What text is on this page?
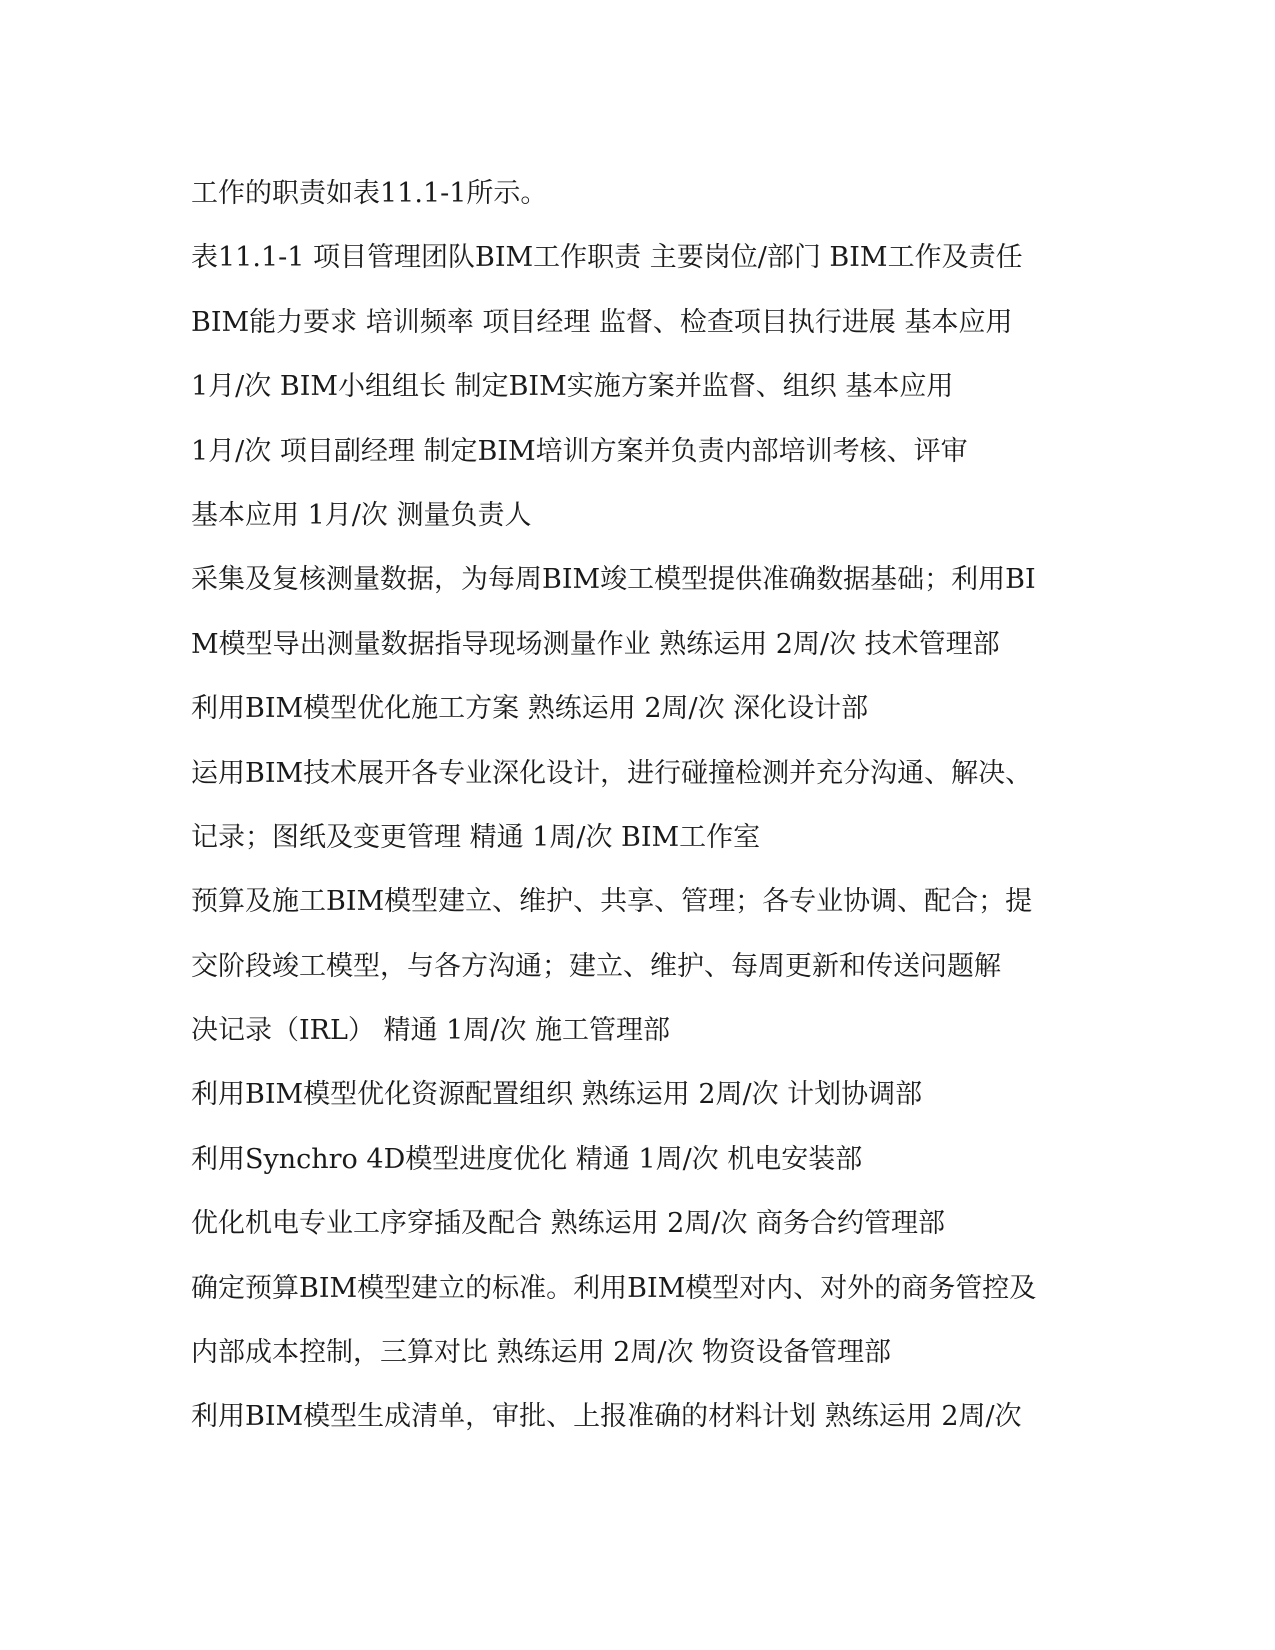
工作的职责如表11.1-1所示。
表11.1-1 项目管理团队BIM工作职责 主要岗位/部门 BIM工作及责任
BIM能力要求 培训频率 项目经理 监督、检查项目执行进展 基本应用
1月/次 BIM小组组长 制定BIM实施方案并监督、组织 基本应用
1月/次 项目副经理 制定BIM培训方案并负责内部培训考核、评审
基本应用 1月/次 测量负责人
采集及复核测量数据，为每周BIM竣工模型提供准确数据基础；利用BI
M模型导出测量数据指导现场测量作业 熟练运用 2周/次 技术管理部
利用BIM模型优化施工方案 熟练运用 2周/次 深化设计部
运用BIM技术展开各专业深化设计，进行碰撞检测并充分沟通、解决、
记录；图纸及变更管理 精通 1周/次 BIM工作室
预算及施工BIM模型建立、维护、共享、管理；各专业协调、配合；提
交阶段竣工模型，与各方沟通；建立、维护、每周更新和传送问题解
决记录（IRL） 精通 1周/次 施工管理部
利用BIM模型优化资源配置组织 熟练运用 2周/次 计划协调部
利用Synchro 4D模型进度优化 精通 1周/次 机电安装部
优化机电专业工序穿插及配合 熟练运用 2周/次 商务合约管理部
确定预算BIM模型建立的标准。利用BIM模型对内、对外的商务管控及
内部成本控制，三算对比 熟练运用 2周/次 物资设备管理部
利用BIM模型生成清单，审批、上报准确的材料计划 熟练运用 2周/次
